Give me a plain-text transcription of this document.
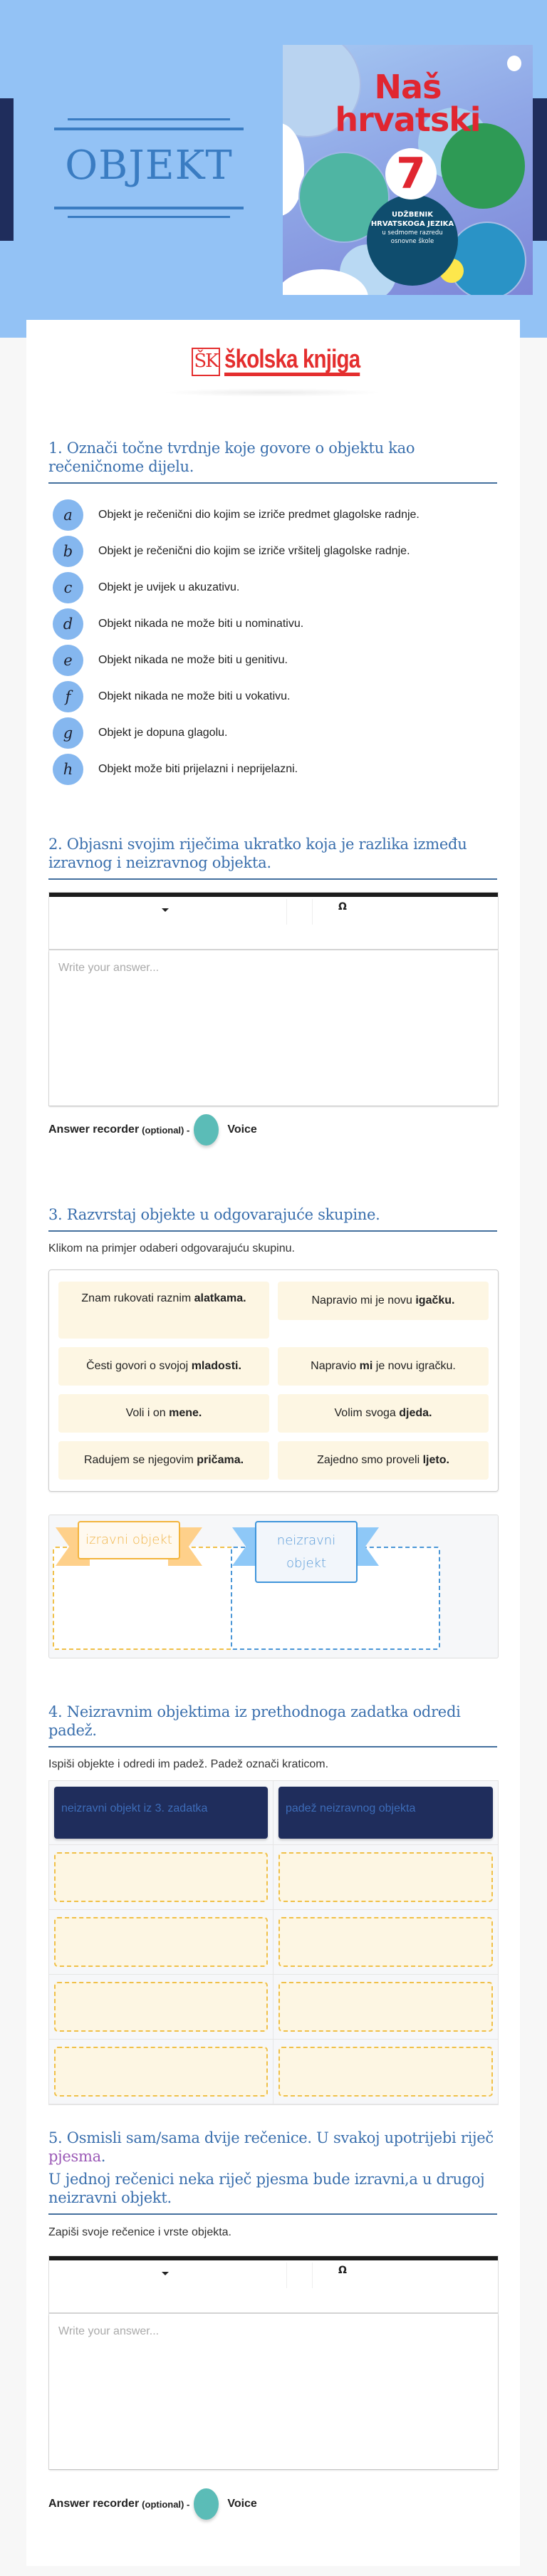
OBJEKT
Naš
hrvatski
UDŽBENIK
HRVATSKOGA JEZIKA
u sedmome razredu
osnovne škole
7
ŠK školska knjiga
1. Označi točne tvrdnje koje govore o objektu kao rečeničnome dijelu.
a	Objekt je rečenični dio kojim se izriče predmet glagolske radnje.
b	Objekt je rečenični dio kojim se izriče vršitelj glagolske radnje.
c	Objekt je uvijek u akuzativu.
d	Objekt nikada ne može biti u nominativu.
e	Objekt nikada ne može biti u genitivu.
f	Objekt nikada ne može biti u vokativu.
g	Objekt je dopuna glagolu.
h	Objekt može biti prijelazni i neprijelazni.
2. Objasni svojim riječima ukratko koja je razlika između izravnog i neizravnog objekta.
Ω
Write your answer...
Answer recorder (optional) -	Voice
3. Razvrstaj objekte u odgovarajuće skupine.
Klikom na primjer odaberi odgovarajuću skupinu.
Znam rukovati raznim alatkama.	Napravio mi je novu igačku.
Česti govori o svojoj mladosti.	Napravio mi je novu igračku.
Voli i on mene.	Volim svoga djeda.
Radujem se njegovim pričama.	Zajedno smo proveli ljeto.
izravni objekt	neizravni objekt
4. Neizravnim objektima iz prethodnoga zadatka odredi padež.
Ispiši objekte i odredi im padež. Padež označi kraticom.
neizravni objekt iz 3. zadatka	padež neizravnog objekta

5. Osmisli sam/sama dvije rečenice. U svakoj upotrijebi riječ pjesma.

U jednoj rečenici neka riječ pjesma bude izravni,a u drugoj neizravni objekt.

Zapiši svoje rečenice i vrste objekta.
Ω
Write your answer...
Answer recorder (optional) -	Voice
